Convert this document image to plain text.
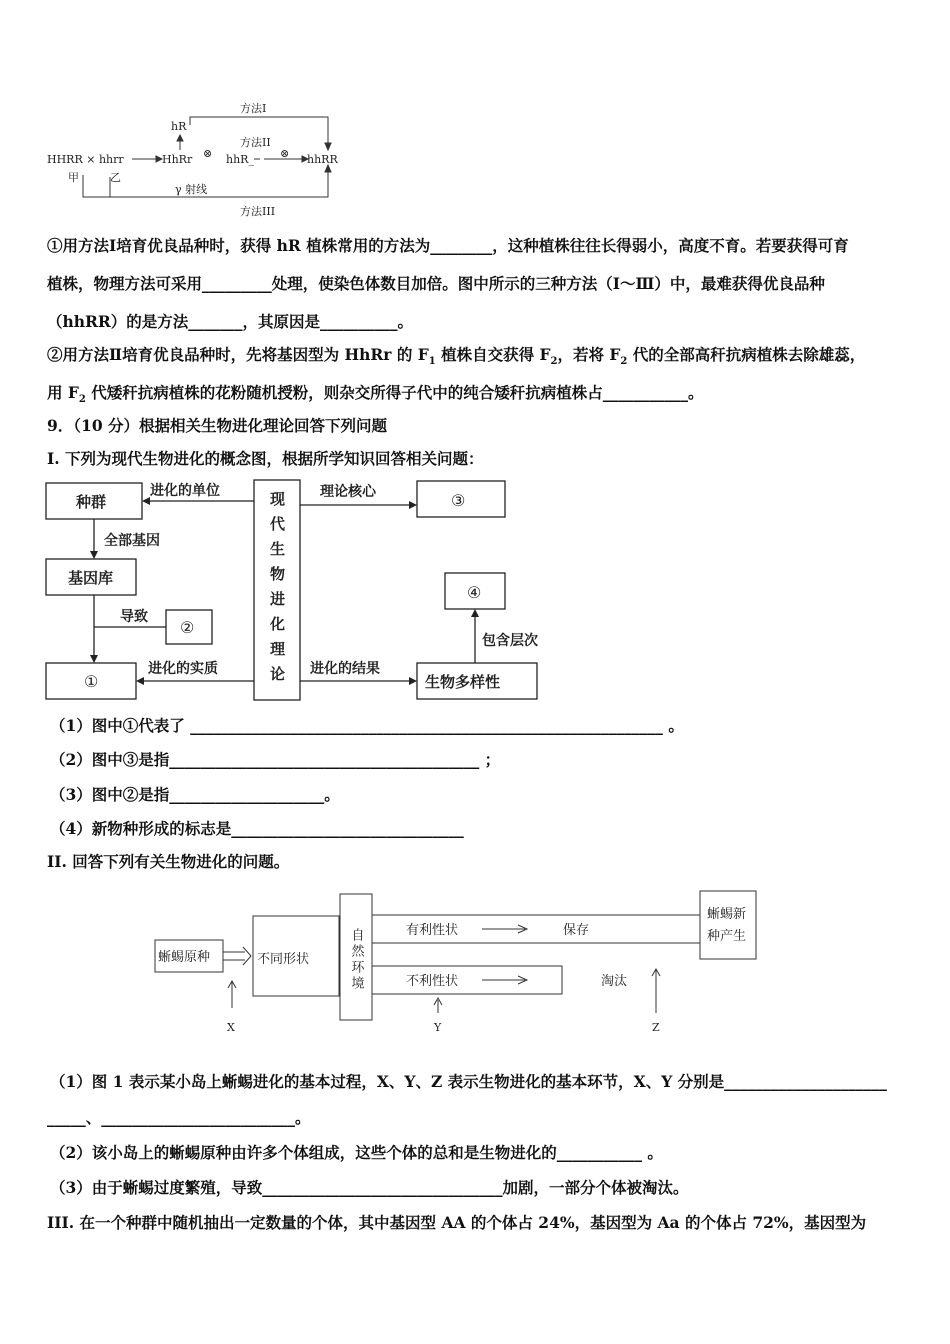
方法I
hR
方法II
HHRR × hhrr	HhRr ⊗ hhR_ ⊗ hhRR
甲	乙
γ 射线
方法III
①用方法Ⅰ培育优良品种时，获得 hR 植株常用的方法为________，这种植株往往长得弱小，高度不育。若要获得可育
植株，物理方法可采用_________处理，使染色体数目加倍。图中所示的三种方法（Ⅰ～Ⅲ）中，最难获得优良品种
（hhRR）的是方法_______，其原因是__________。
②用方法Ⅱ培育优良品种时，先将基因型为 HhRr 的 $F_1$ 植株自交获得 $F_2$，若将 $F_2$ 代的全部高秆抗病植株去除雄蕊，
用 $F_2$ 代矮秆抗病植株的花粉随机授粉，则杂交所得子代中的纯合矮秆抗病植株占___________。
9．（10 分）根据相关生物进化理论回答下列问题
I. 下列为现代生物进化的概念图，根据所学知识回答相关问题：
种群
基因库
②
①
③
④
生物多样性
现代生物进化理论
进化的单位
全部基因
导致
进化的实质
理论核心
进化的结果
包含层次
（1）图中①代表了 _____________________________________________________________ 。
（2）图中③是指________________________________________ ；
（3）图中②是指____________________。
（4）新物种形成的标志是______________________________
II. 回答下列有关生物进化的问题。
蜥蜴原种	不同形状	自然环境	有利性状	保存
不利性状	淘汰
蜥蜴新 种产生
X	Y	Z
（1）图 1 表示某小岛上蜥蜴进化的基本过程，X、Y、Z 表示生物进化的基本环节，X、Y 分别是_____________________
_____、_________________________。
（2）该小岛上的蜥蜴原种由许多个体组成，这些个体的总和是生物进化的___________ 。
（3）由于蜥蜴过度繁殖，导致_______________________________加剧，一部分个体被淘汰。
III. 在一个种群中随机抽出一定数量的个体，其中基因型 AA 的个体占 24%，基因型为 Aa 的个体占 72%，基因型为
